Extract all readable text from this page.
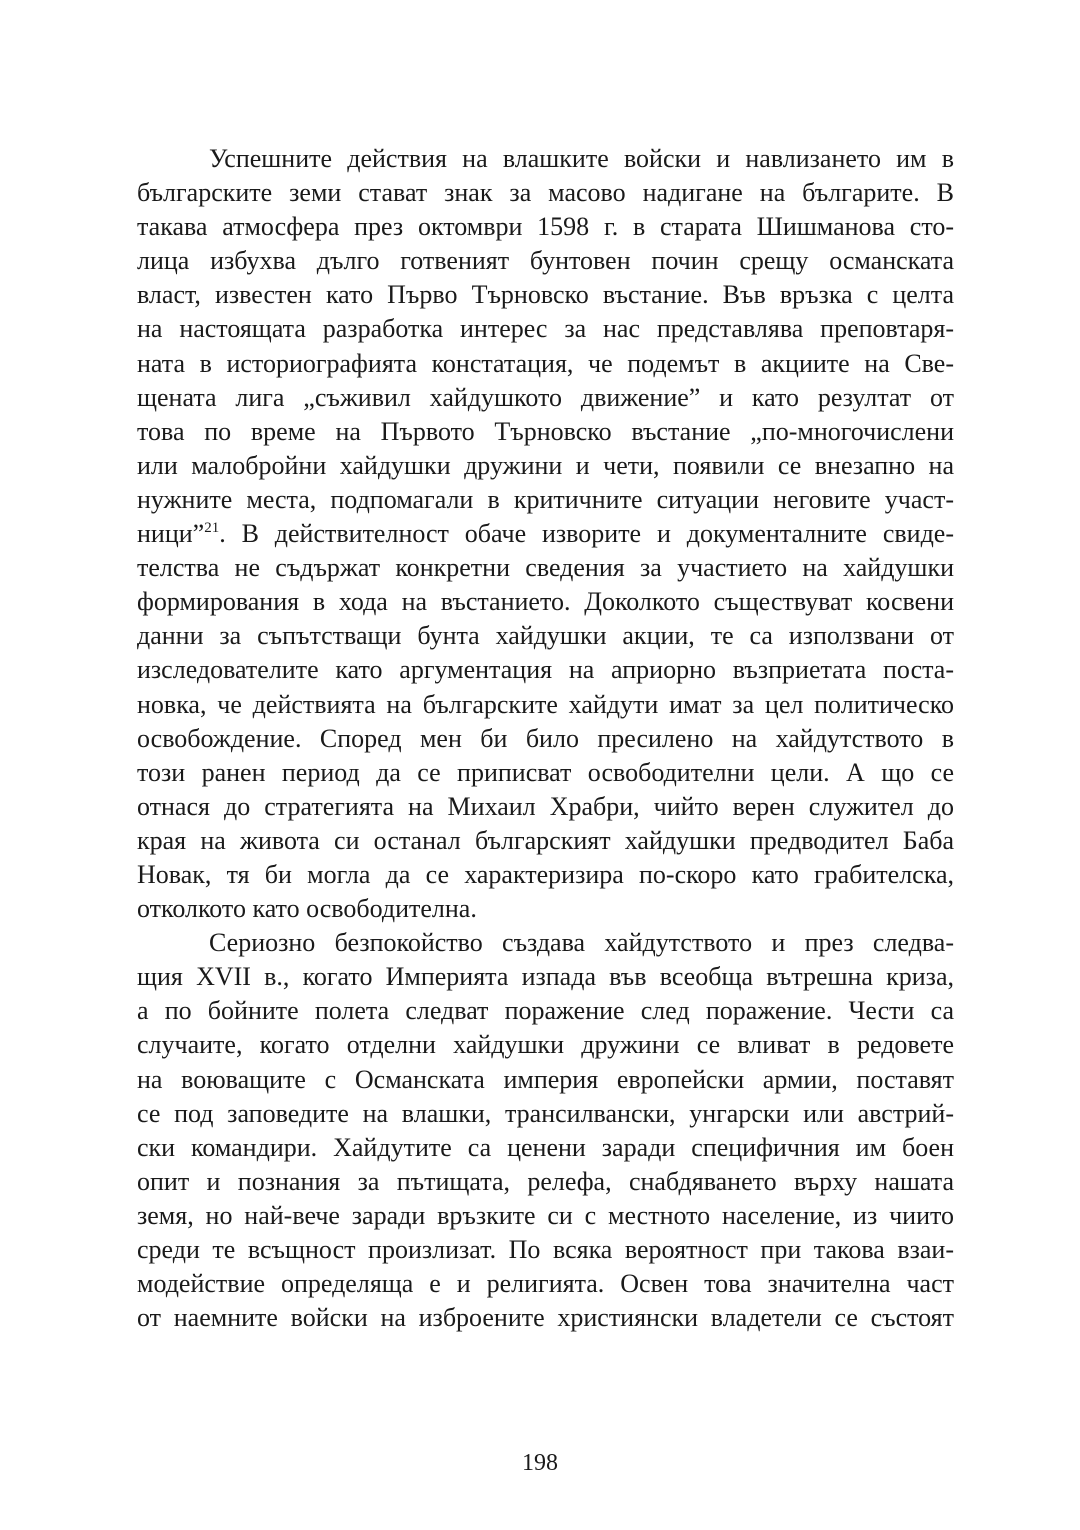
Успешните действия на влашките войски и навлизането им в
българските земи стават знак за масово надигане на българите. В
такава атмосфера през октомври 1598 г. в старата Шишманова сто-
лица избухва дълго готвеният бунтовен почин срещу османската
власт, известен като Първо Търновско въстание. Във връзка с целта
на настоящата разработка интерес за нас представлява преповтаря-
ната в историографията констатация, че подемът в акциите на Све-
щената лига „съживил хайдушкото движение” и като резултат от
това по време на Първото Търновско въстание „по-многочислени
или малобройни хайдушки дружини и чети, появили се внезапно на
нужните места, подпомагали в критичните ситуации неговите участ-
ници”$^{21}$. В действителност обаче изворите и документалните свиде-
телства не съдържат конкретни сведения за участието на хайдушки
формирования в хода на въстанието. Доколкото съществуват косвени
данни за съпътстващи бунта хайдушки акции, те са използвани от
изследователите като аргументация на априорно възприетата поста-
новка, че действията на българските хайдути имат за цел политическо
освобождение. Според мен би било пресилено на хайдутството в
този ранен период да се приписват освободителни цели. А що се
отнася до стратегията на Михаил Храбри, чийто верен служител до
края на живота си останал българският хайдушки предводител Баба
Новак, тя би могла да се характеризира по-скоро като грабителска,
отколкото като освободителна.
Сериозно безпокойство създава хайдутството и през следва-
щия XVII в., когато Империята изпада във всеобща вътрешна криза,
а по бойните полета следват поражение след поражение. Чести са
случаите, когато отделни хайдушки дружини се вливат в редовете
на воюващите с Османската империя европейски армии, поставят
се под заповедите на влашки, трансилвански, унгарски или австрий-
ски командири. Хайдутите са ценени заради специфичния им боен
опит и познания за пътищата, релефа, снабдяването върху нашата
земя, но най-вече заради връзките си с местното население, из чиито
среди те всъщност произлизат. По всяка вероятност при такова взаи-
модействие определяща е и религията. Освен това значителна част
от наемните войски на изброените християнски владетели се състоят
198
